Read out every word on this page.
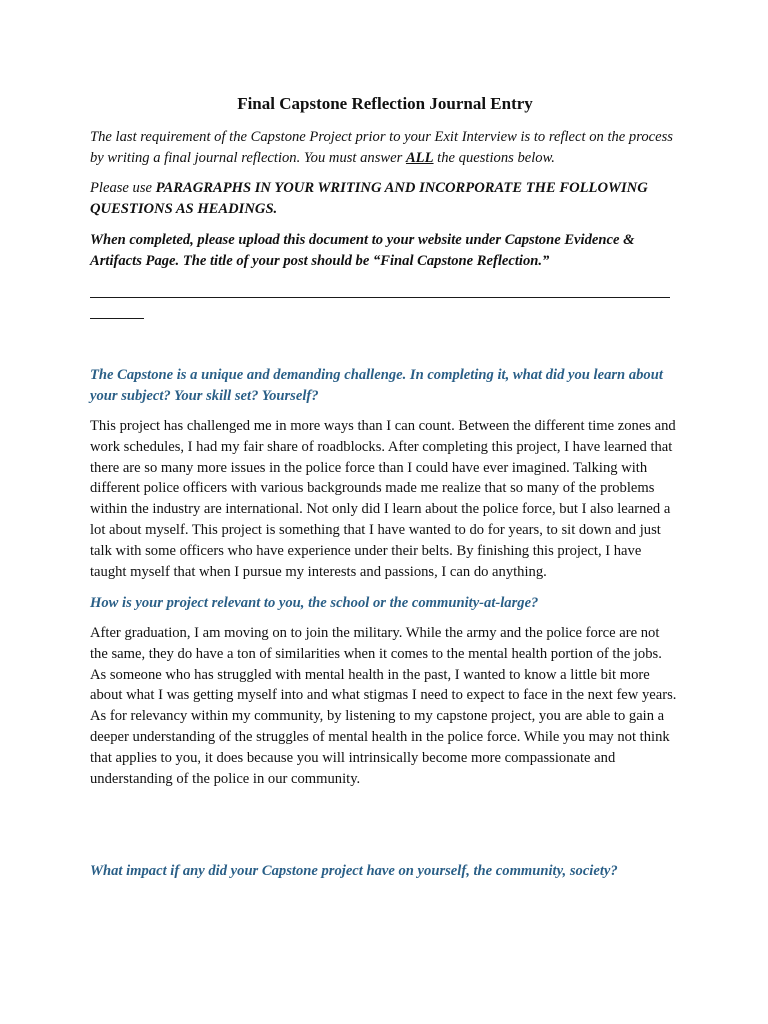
Final Capstone Reflection Journal Entry

The last requirement of the Capstone Project prior to your Exit Interview is to reflect on the process by writing a final journal reflection. You must answer ALL the questions below.

Please use PARAGRAPHS IN YOUR WRITING AND INCORPORATE THE FOLLOWING QUESTIONS AS HEADINGS.

When completed, please upload this document to your website under Capstone Evidence & Artifacts Page. The title of your post should be “Final Capstone Reflection.”

The Capstone is a unique and demanding challenge. In completing it, what did you learn about your subject? Your skill set? Yourself?

This project has challenged me in more ways than I can count. Between the different time zones and work schedules, I had my fair share of roadblocks. After completing this project, I have learned that there are so many more issues in the police force than I could have ever imagined. Talking with different police officers with various backgrounds made me realize that so many of the problems within the industry are international. Not only did I learn about the police force, but I also learned a lot about myself. This project is something that I have wanted to do for years, to sit down and just talk with some officers who have experience under their belts. By finishing this project, I have taught myself that when I pursue my interests and passions, I can do anything.

How is your project relevant to you, the school or the community-at-large?

After graduation, I am moving on to join the military. While the army and the police force are not the same, they do have a ton of similarities when it comes to the mental health portion of the jobs. As someone who has struggled with mental health in the past, I wanted to know a little bit more about what I was getting myself into and what stigmas I need to expect to face in the next few years. As for relevancy within my community, by listening to my capstone project, you are able to gain a deeper understanding of the struggles of mental health in the police force. While you may not think that applies to you, it does because you will intrinsically become more compassionate and understanding of the police in our community.

What impact if any did your Capstone project have on yourself, the community, society?
